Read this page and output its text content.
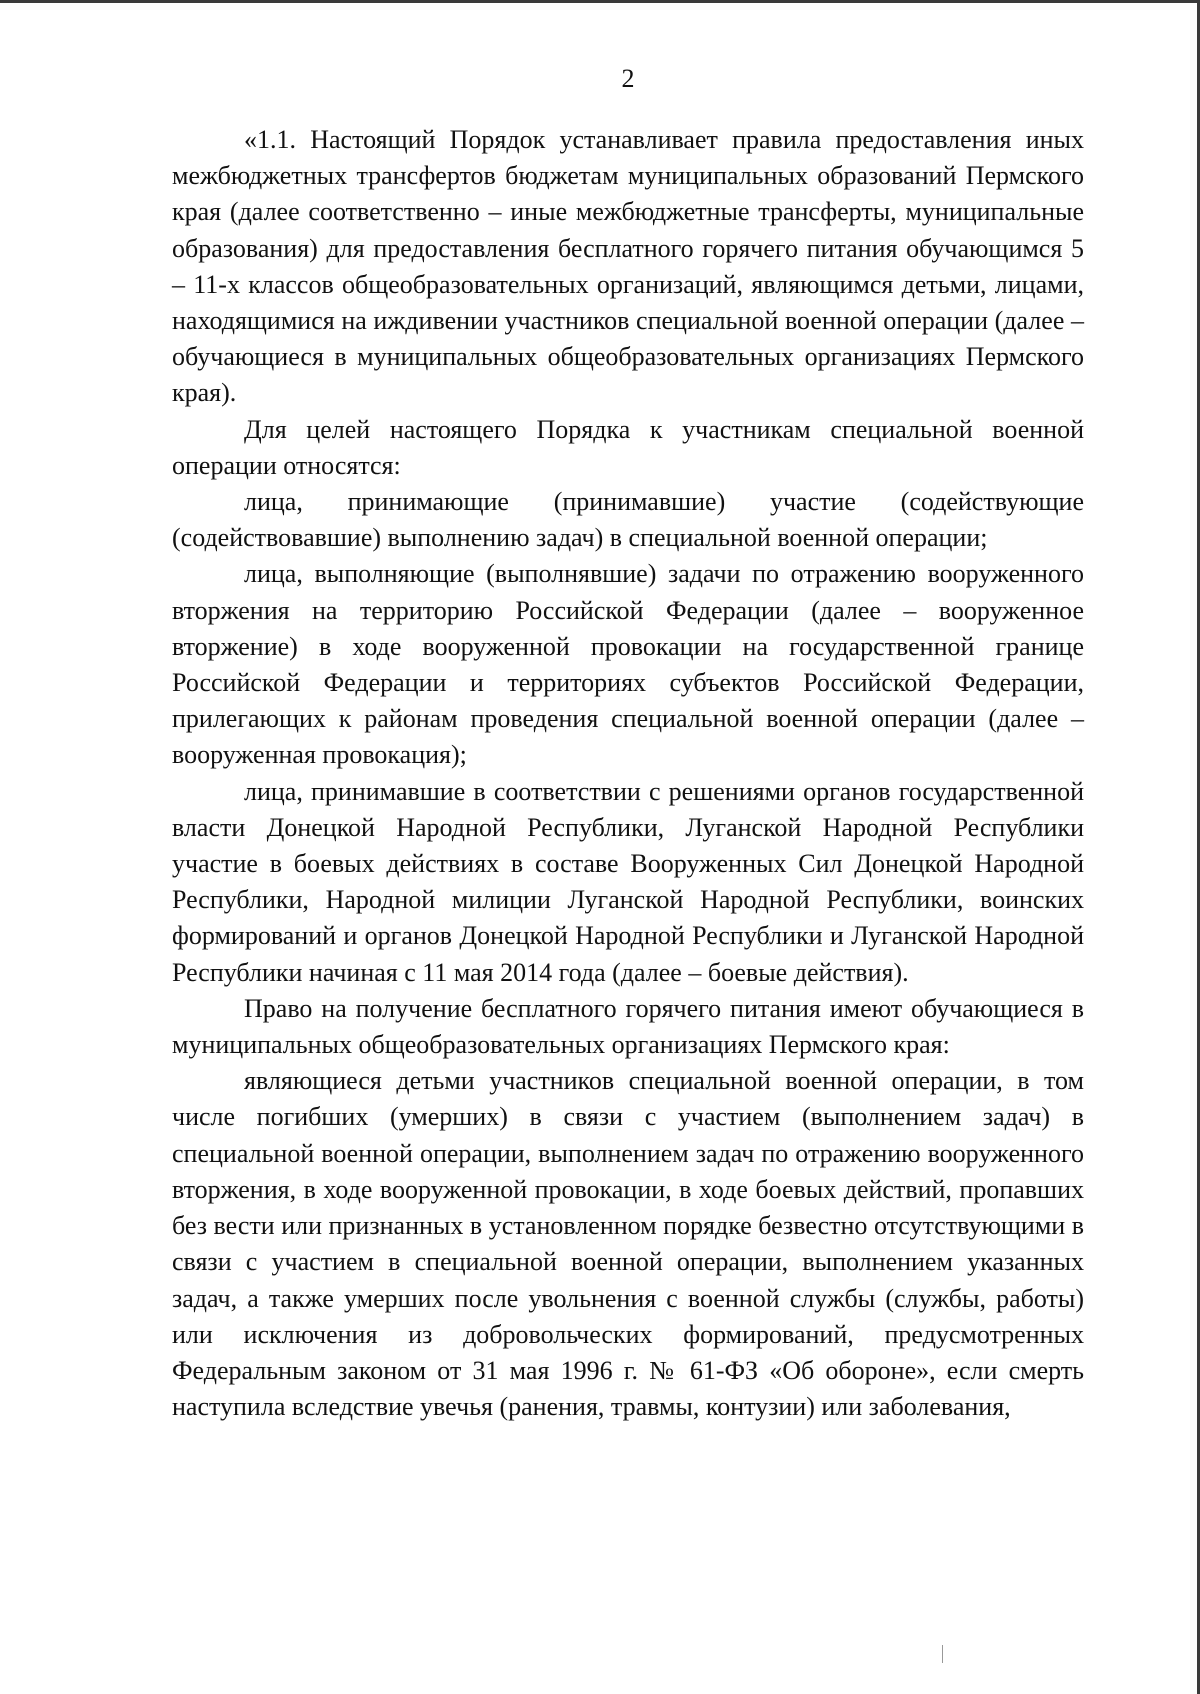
2

«1.1. Настоящий Порядок устанавливает правила предоставления иных межбюджетных трансфертов бюджетам муниципальных образований Пермского края (далее соответственно – иные межбюджетные трансферты, муниципальные образования) для предоставления бесплатного горячего питания обучающимся 5 – 11-х классов общеобразовательных организаций, являющимся детьми, лицами, находящимися на иждивении участников специальной военной операции (далее – обучающиеся в муниципальных общеобразовательных организациях Пермского края).

Для целей настоящего Порядка к участникам специальной военной операции относятся:

лица, принимающие (принимавшие) участие (содействующие (содействовавшие) выполнению задач) в специальной военной операции;

лица, выполняющие (выполнявшие) задачи по отражению вооруженного вторжения на территорию Российской Федерации (далее – вооруженное вторжение) в ходе вооруженной провокации на государственной границе Российской Федерации и территориях субъектов Российской Федерации, прилегающих к районам проведения специальной военной операции (далее – вооруженная провокация);

лица, принимавшие в соответствии с решениями органов государственной власти Донецкой Народной Республики, Луганской Народной Республики участие в боевых действиях в составе Вооруженных Сил Донецкой Народной Республики, Народной милиции Луганской Народной Республики, воинских формирований и органов Донецкой Народной Республики и Луганской Народной Республики начиная с 11 мая 2014 года (далее – боевые действия).

Право на получение бесплатного горячего питания имеют обучающиеся в муниципальных общеобразовательных организациях Пермского края:

являющиеся детьми участников специальной военной операции, в том числе погибших (умерших) в связи с участием (выполнением задач) в специальной военной операции, выполнением задач по отражению вооруженного вторжения, в ходе вооруженной провокации, в ходе боевых действий, пропавших без вести или признанных в установленном порядке безвестно отсутствующими в связи с участием в специальной военной операции, выполнением указанных задач, а также умерших после увольнения с военной службы (службы, работы) или исключения из добровольческих формирований, предусмотренных Федеральным законом от 31 мая 1996 г. № 61-ФЗ «Об обороне», если смерть наступила вследствие увечья (ранения, травмы, контузии) или заболевания,
